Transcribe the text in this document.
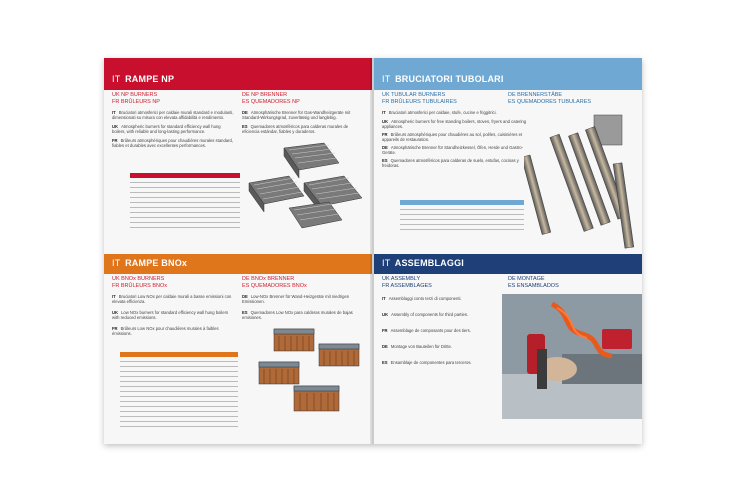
IT RAMPE NP
UK NP BURNERS
FR BRÛLEURS NP
DE NP BRENNER
ES QUEMADORES NP
IT Bruciatori atmosferici per caldaie murali standard e modulanti, dimensionati su misura con elevata affidabilità e rendimento.
UK Atmospheric burners for standard efficiency wall hung boilers, with reliable and long-lasting performance.
FR Brûleurs atmosphériques pour chaudières murales standard, fiables et durables avec excellentes performances.
DE Atmosphärische Brenner für Gas-Wandheizgeräte mit Standard-Wirkungsgrad, zuverlässig und langlebig.
ES Quemadores atmosféricos para calderas murales de eficiencia estándar, fiables y duraderos.

IT RAMPE BNOx
UK BNOx BURNERS
FR BRÛLEURS BNOx
DE BNOx BRENNER
ES QUEMADORES BNOx
IT Bruciatori Low NOx per caldaie murali a basse emissioni con elevata efficienza.
UK Low NOx burners for standard efficiency wall hung boilers with reduced emissions.
FR Brûleurs Low NOx pour chaudières murales à faibles émissions.
DE Low-NOx Brenner für Wand-Heizgeräte mit niedrigen Emissionen.
ES Quemadores Low NOx para calderas murales de bajas emisiones.

IT BRUCIATORI TUBOLARI
UK TUBULAR BURNERS
FR BRÛLEURS TUBULAIRES
DE BRENNERSTÄBE
ES QUEMADORES TUBULARES
IT Bruciatori atmosferici per caldaie, stufe, cucine e friggitrici.
UK Atmospheric burners for free standing boilers, stoves, fryers and catering appliances.
FR Brûleurs atmosphériques pour chaudières au sol, poêles, cuisinières et appareils de restauration.
DE Atmosphärische Brenner für Standheizkessel, Öfen, Herde und Gastro-Geräte.
ES Quemadores atmosféricos para calderas de suelo, estufas, cocinas y freidoras.

IT ASSEMBLAGGI
UK ASSEMBLY
FR ASSEMBLAGES
DE MONTAGE
ES ENSAMBLADOS
IT Assemblaggi conto terzi di componenti.
UK Assembly of components for third parties.
FR Assemblage de composants pour des tiers.
DE Montage von Bauteilen für Dritte.
ES Ensamblaje de componentes para terceros.
